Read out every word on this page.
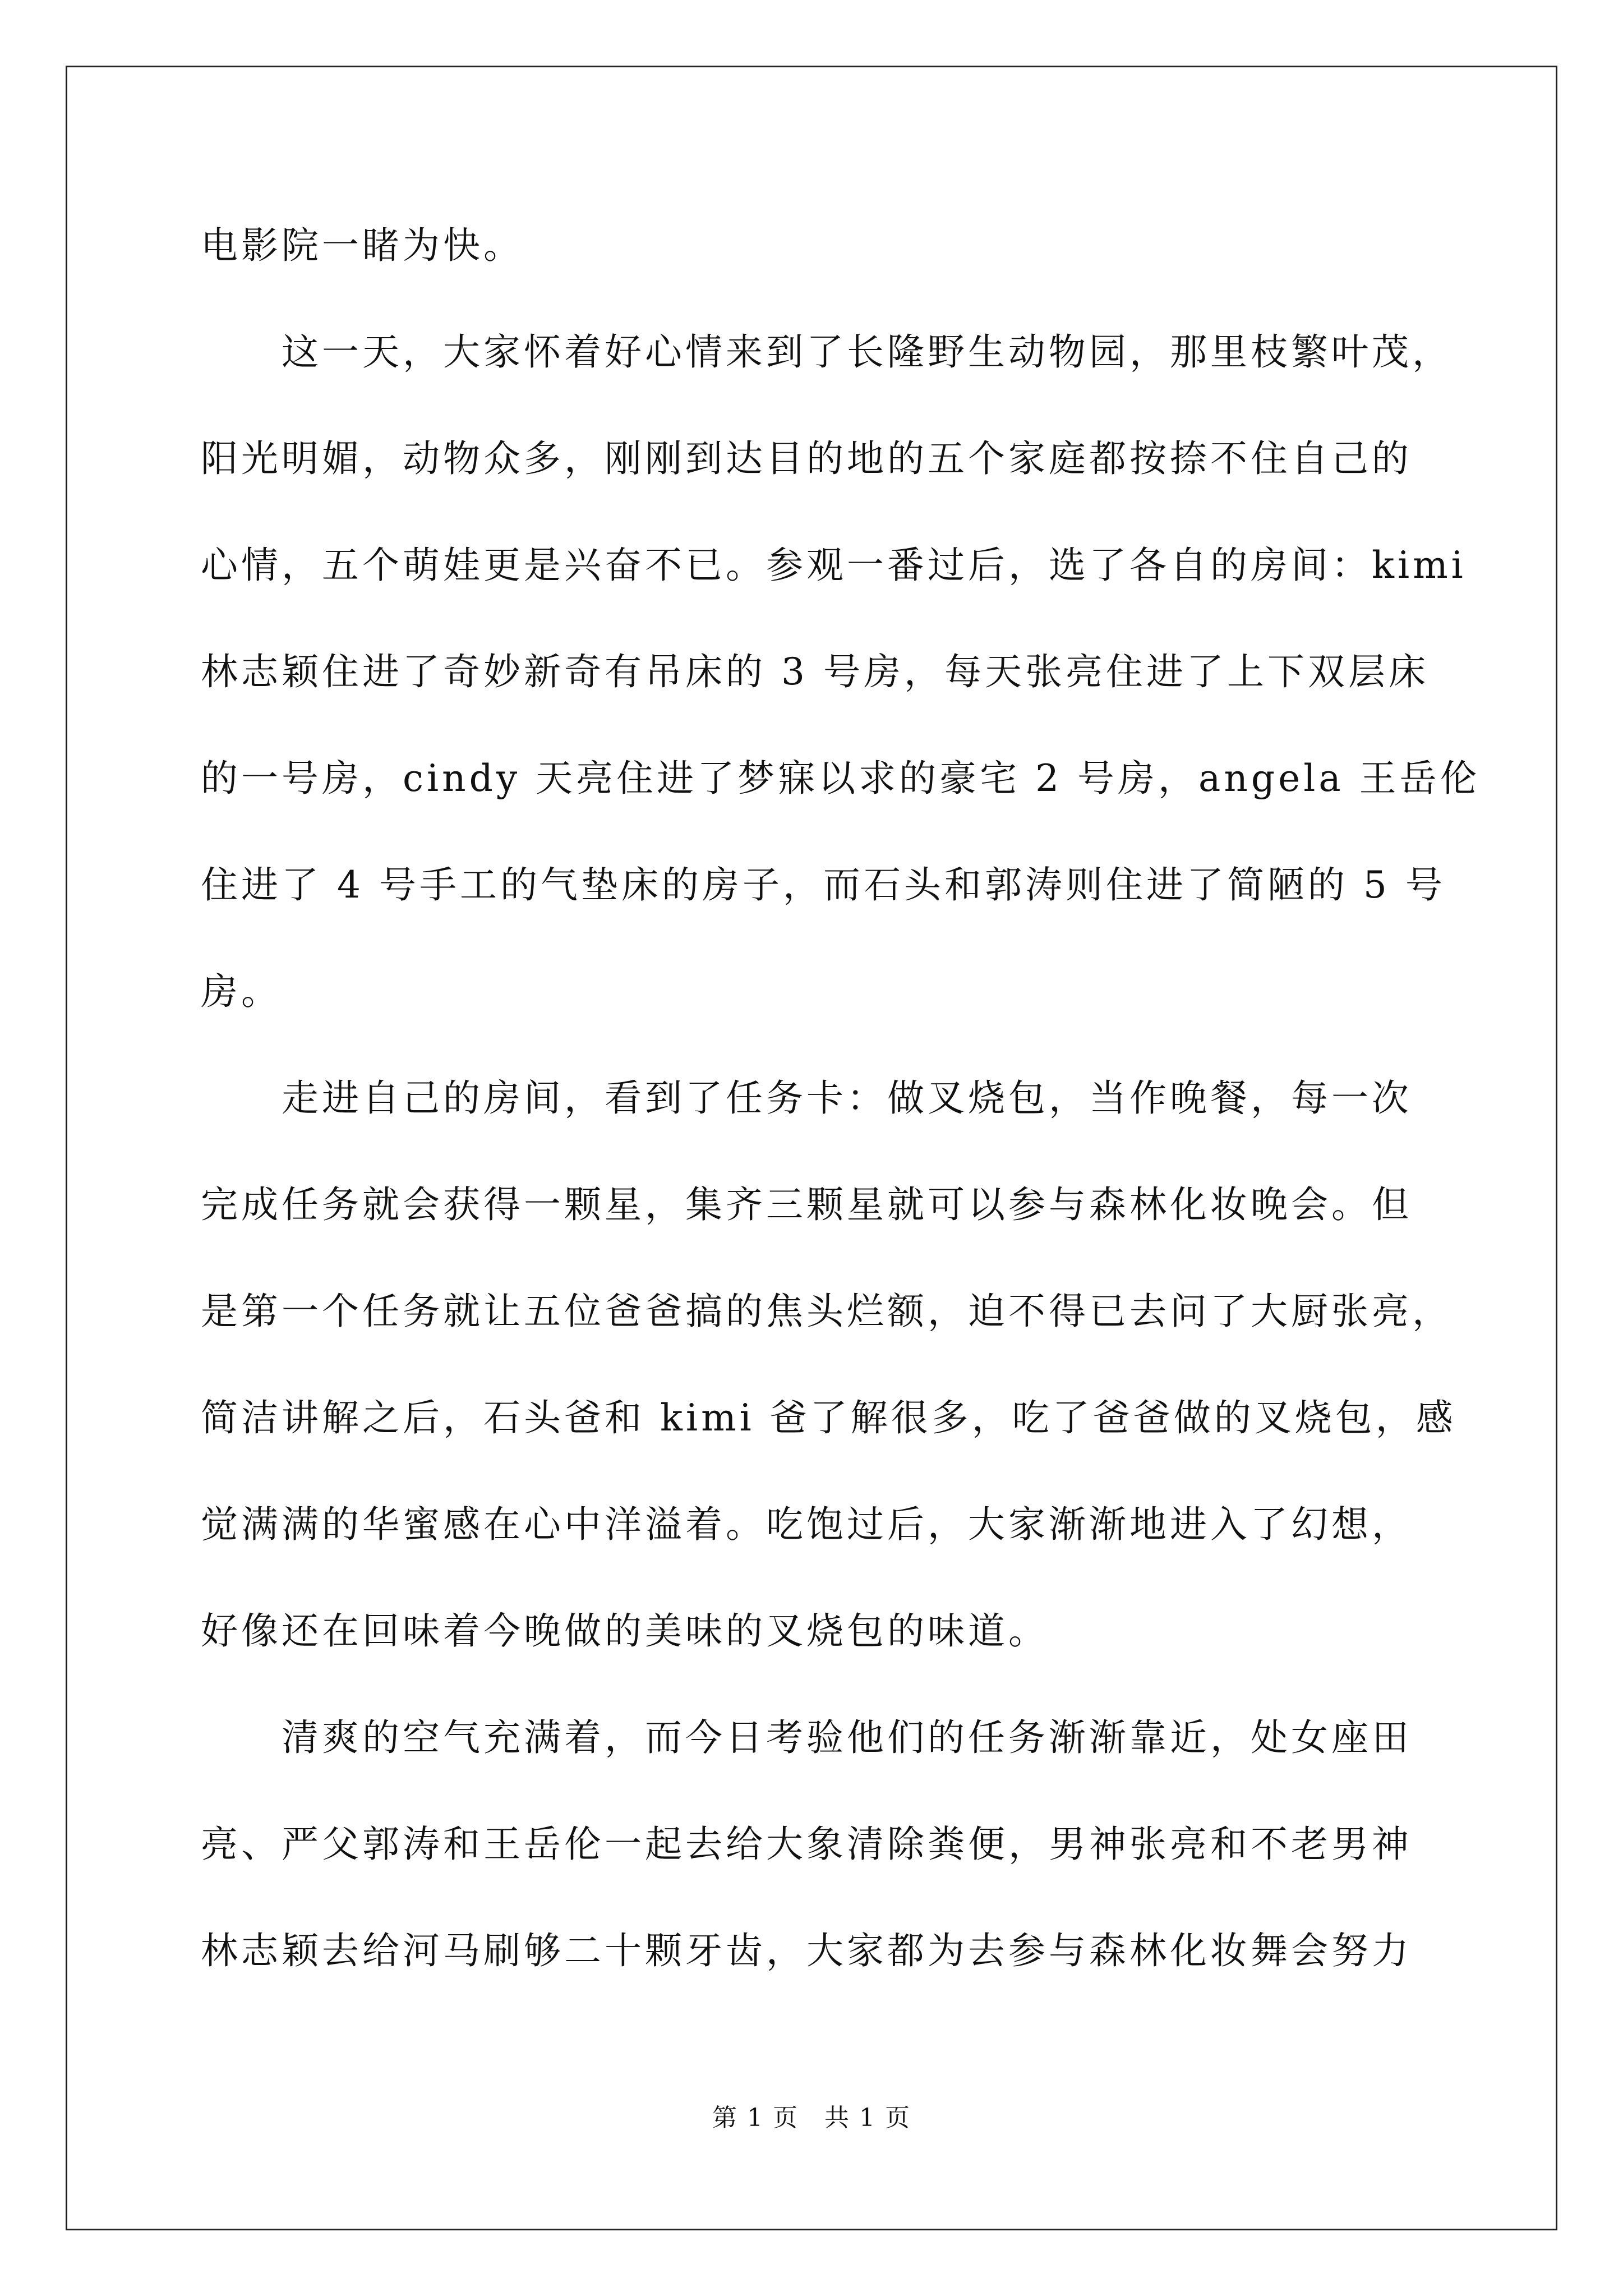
电影院一睹为快。
这一天，大家怀着好心情来到了长隆野生动物园，那里枝繁叶茂，
阳光明媚，动物众多，刚刚到达目的地的五个家庭都按捺不住自己的
心情，五个萌娃更是兴奋不已。参观一番过后，选了各自的房间：kimi
林志颖住进了奇妙新奇有吊床的 3 号房，每天张亮住进了上下双层床
的一号房，cindy 天亮住进了梦寐以求的豪宅 2 号房，angela 王岳伦
住进了 4 号手工的气垫床的房子，而石头和郭涛则住进了简陋的 5 号
房。
走进自己的房间，看到了任务卡：做叉烧包，当作晚餐，每一次
完成任务就会获得一颗星，集齐三颗星就可以参与森林化妆晚会。但
是第一个任务就让五位爸爸搞的焦头烂额，迫不得已去问了大厨张亮，
简洁讲解之后，石头爸和 kimi 爸了解很多，吃了爸爸做的叉烧包，感
觉满满的华蜜感在心中洋溢着。吃饱过后，大家渐渐地进入了幻想，
好像还在回味着今晚做的美味的叉烧包的味道。
清爽的空气充满着，而今日考验他们的任务渐渐靠近，处女座田
亮、严父郭涛和王岳伦一起去给大象清除粪便，男神张亮和不老男神
林志颖去给河马刷够二十颗牙齿，大家都为去参与森林化妆舞会努力
第 1 页　共 1 页
